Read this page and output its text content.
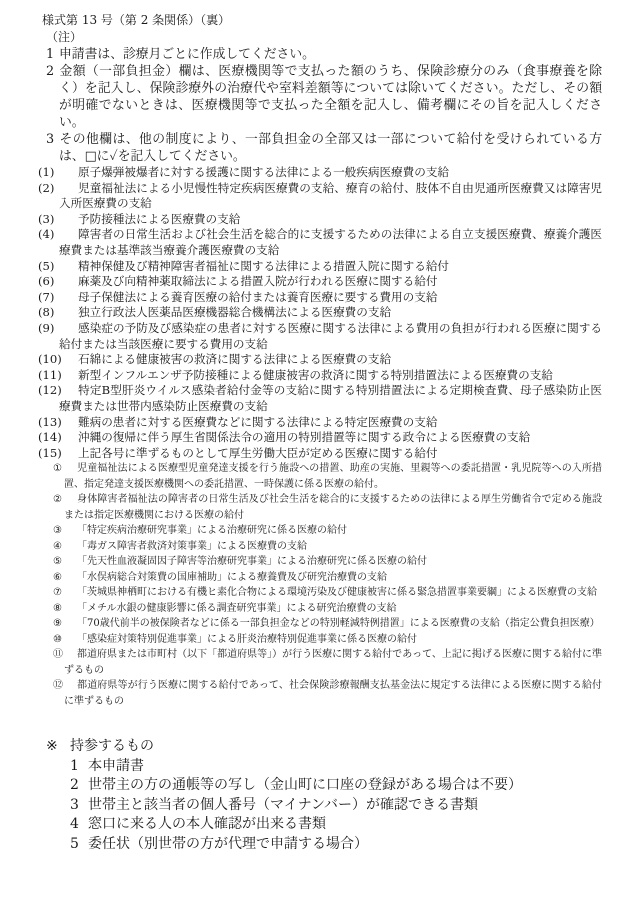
様式第 13 号（第 2 条関係）（裏）
（注）
1 申請書は、診療月ごとに作成してください。
2 金額（一部負担金）欄は、医療機関等で支払った額のうち、保険診療分のみ（食事療養を除く）を記入し、保険診療外の治療代や室料差額等については除いてください。ただし、その額が明確でないときは、医療機関等で支払った全額を記入し、備考欄にその旨を記入しください。
3 その他欄は、他の制度により、一部負担金の全部又は一部について給付を受けられている方は、□に✓を記入してください。
(1) 原子爆弾被爆者に対する援護に関する法律による一般疾病医療費の支給
(2) 児童福祉法による小児慢性特定疾病医療費の支給、療育の給付、肢体不自由児通所医療費又は障害児入所医療費の支給
(3) 予防接種法による医療費の支給
(4) 障害者の日常生活および社会生活を総合的に支援するための法律による自立支援医療費、療養介護医療費または基準該当療養介護医療費の支給
(5) 精神保健及び精神障害者福祉に関する法律による措置入院に関する給付
(6) 麻薬及び向精神薬取締法による措置入院が行われる医療に関する給付
(7) 母子保健法による養育医療の給付または養育医療に要する費用の支給
(8) 独立行政法人医薬品医療機器総合機構法による医療費の支給
(9) 感染症の予防及び感染症の患者に対する医療に関する法律による費用の負担が行われる医療に関する給付または当該医療に要する費用の支給
(10) 石綿による健康被害の救済に関する法律による医療費の支給
(11) 新型インフルエンザ予防接種による健康被害の救済に関する特別措置法による医療費の支給
(12) 特定B型肝炎ウイルス感染者給付金等の支給に関する特別措置法による定期検査費、母子感染防止医療費または世帯内感染防止医療費の支給
(13) 難病の患者に対する医療費などに関する法律による特定医療費の支給
(14) 沖縄の復帰に伴う厚生省関係法令の適用の特別措置等に関する政令による医療費の支給
(15) 上記各号に準ずるものとして厚生労働大臣が定める医療に関する給付
① 児童福祉法による医療型児童発達支援を行う施設への措置、助産の実施、里親等への委託措置・乳児院等への入所措置、指定発達支援医療機関への委託措置、一時保護に係る医療の給付。
② 身体障害者福祉法の障害者の日常生活及び社会生活を総合的に支援するための法律による厚生労働省令で定める施設または指定医療機関における医療の給付
③ 「特定疾病治療研究事業」による治療研究に係る医療の給付
④ 「毒ガス障害者救済対策事業」による医療費の支給
⑤ 「先天性血液凝固因子障害等治療研究事業」による治療研究に係る医療の給付
⑥ 「水俣病総合対策費の国庫補助」による療養費及び研究治療費の支給
⑦ 「茨城県神栖町における有機ヒ素化合物による環境汚染及び健康被害に係る緊急措置事業要綱」による医療費の支給
⑧ 「メチル水銀の健康影響に係る調査研究事業」による研究治療費の支給
⑨ 「70歳代前半の被保険者などに係る一部負担金などの特別軽減特例措置」による医療費の支給（指定公費負担医療）
⑩ 「感染症対策特別促進事業」による肝炎治療特別促進事業に係る医療の給付
⑪ 都道府県または市町村（以下「都道府県等」）が行う医療に関する給付であって、上記に掲げる医療に関する給付に準ずるもの
⑫ 都道府県等が行う医療に関する給付であって、社会保険診療報酬支払基金法に規定する法律による医療に関する給付に準ずるもの
※ 持参するもの
1 本申請書
2 世帯主の方の通帳等の写し（金山町に口座の登録がある場合は不要）
3 世帯主と該当者の個人番号（マイナンバー）が確認できる書類
4 窓口に来る人の本人確認が出来る書類
5 委任状（別世帯の方が代理で申請する場合）
